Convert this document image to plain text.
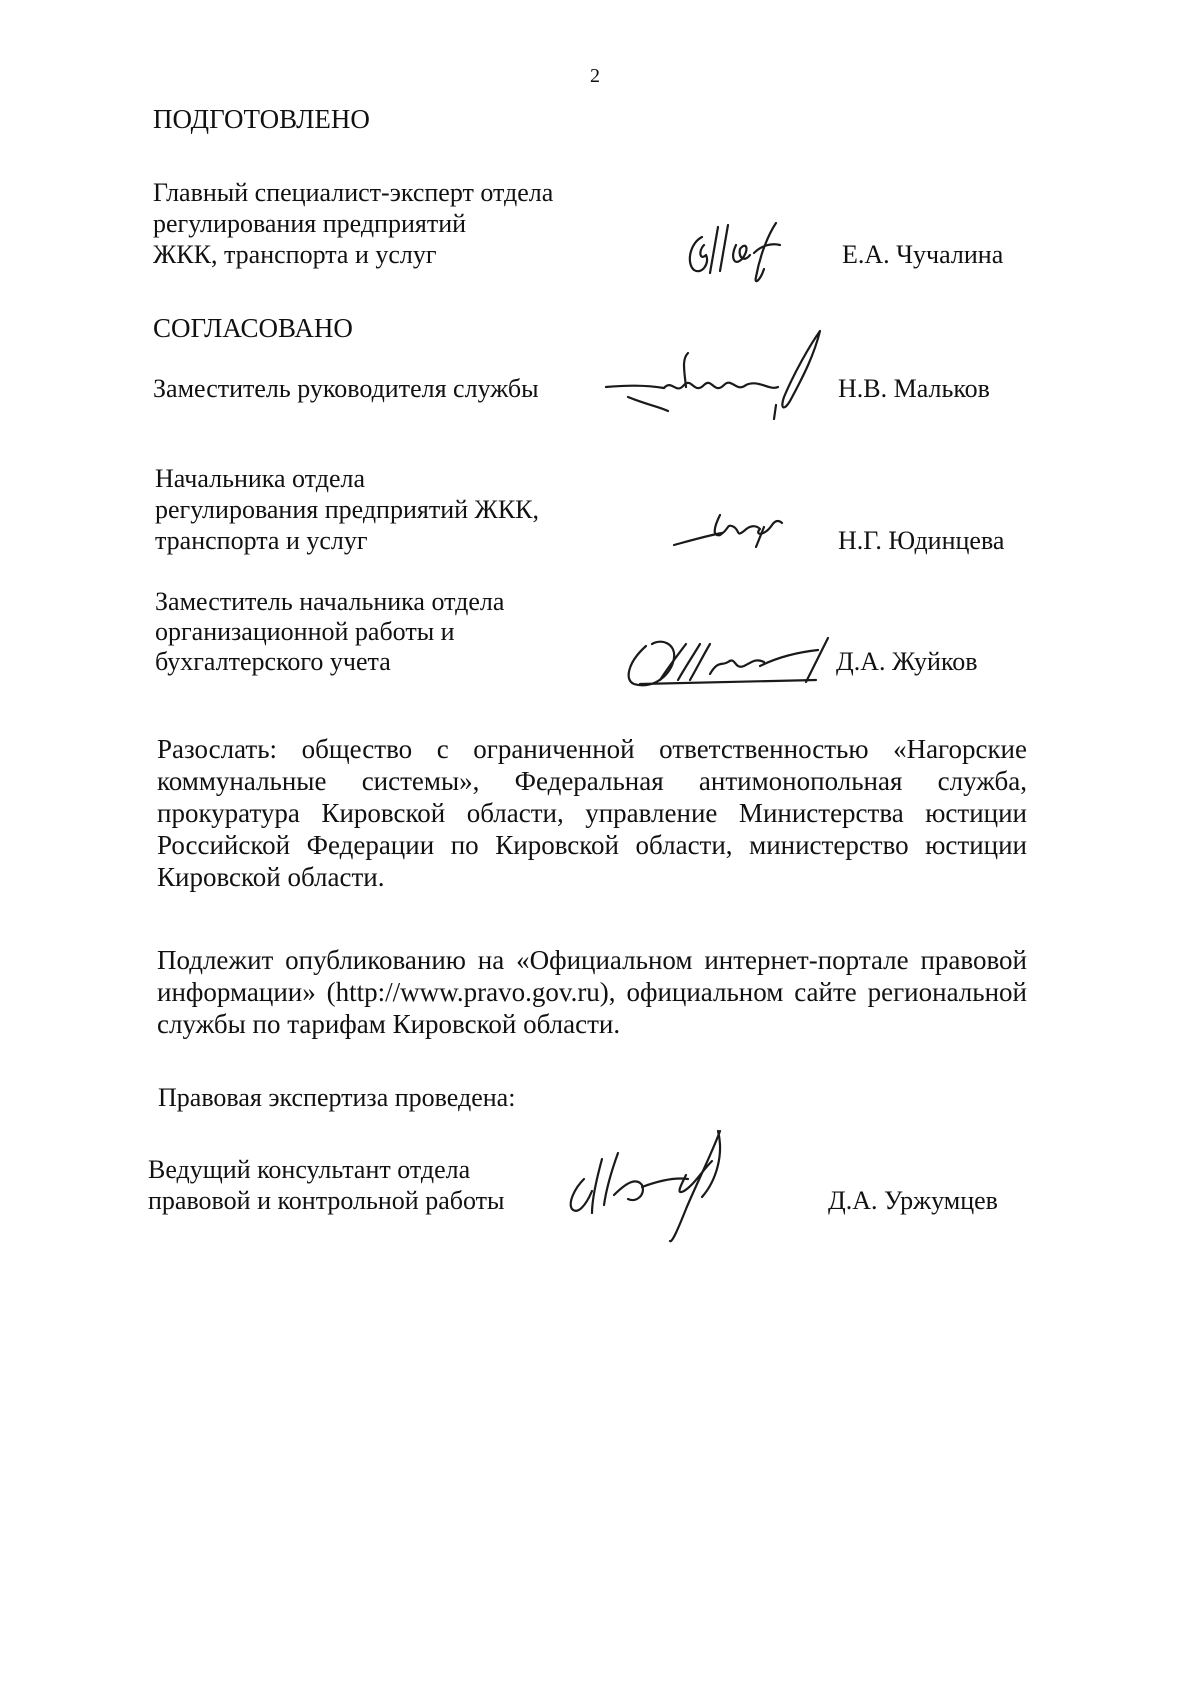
2
ПОДГОТОВЛЕНО
Главный специалист-эксперт отдела
регулирования предприятий
ЖКК, транспорта и услуг	Е.А. Чучалина
СОГЛАСОВАНО
Заместитель руководителя службы	Н.В. Мальков
Начальника отдела
регулирования предприятий ЖКК,
транспорта и услуг	Н.Г. Юдинцева
Заместитель начальника отдела
организационной работы и
бухгалтерского учета	Д.А. Жуйков
Разослать: общество с ограниченной ответственностью «Нагорские коммунальные системы», Федеральная антимонопольная служба, прокуратура Кировской области, управление Министерства юстиции Российской Федерации по Кировской области, министерство юстиции Кировской области.
Подлежит опубликованию на «Официальном интернет-портале правовой информации» (http://www.pravo.gov.ru), официальном сайте региональной службы по тарифам Кировской области.
Правовая экспертиза проведена:
Ведущий консультант отдела
правовой и контрольной работы	Д.А. Уржумцев
